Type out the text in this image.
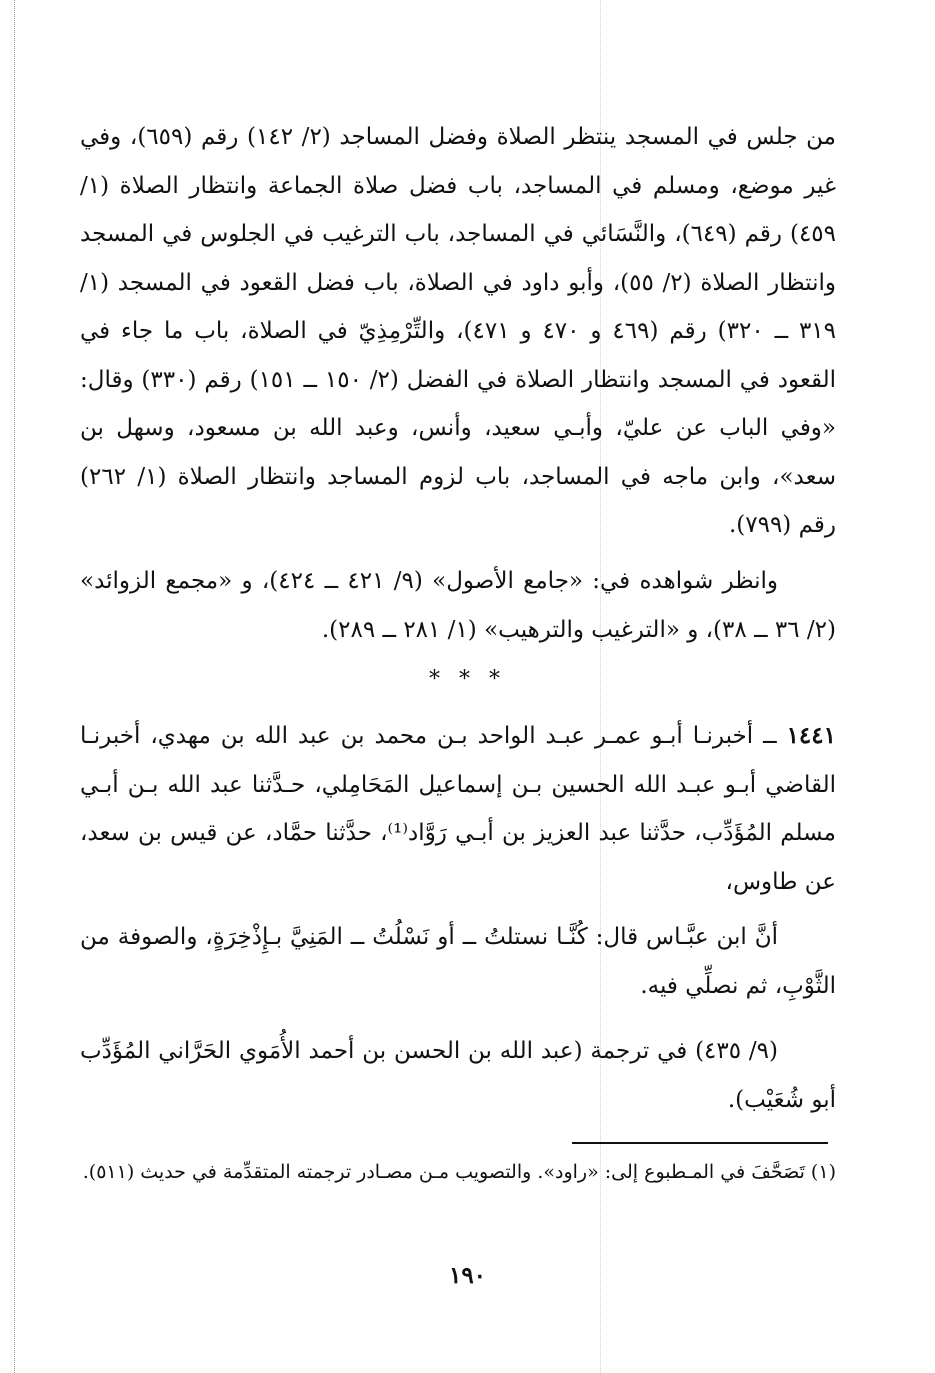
من جلس في المسجد ينتظر الصلاة وفضل المساجد (٢/ ١٤٢) رقم (٦٥٩)، وفي غير موضع، ومسلم في المساجد، باب فضل صلاة الجماعة وانتظار الصلاة (١/ ٤٥٩) رقم (٦٤٩)، والنَّسَائي في المساجد، باب الترغيب في الجلوس في المسجد وانتظار الصلاة (٢/ ٥٥)، وأبو داود في الصلاة، باب فضل القعود في المسجد (١/ ٣١٩ ــ ٣٢٠) رقم (٤٦٩ و ٤٧٠ و ٤٧١)، والتِّرْمِذِيّ في الصلاة، باب ما جاء في القعود في المسجد وانتظار الصلاة في الفضل (٢/ ١٥٠ ــ ١٥١) رقم (٣٣٠) وقال: «وفي الباب عن عليّ، وأبـي سعيد، وأنس، وعبد الله بن مسعود، وسهل بن سعد»، وابن ماجه في المساجد، باب لزوم المساجد وانتظار الصلاة (١/ ٢٦٢) رقم (٧٩٩).

وانظر شواهده في: «جامع الأصول» (٩/ ٤٢١ ــ ٤٢٤)، و «مجمع الزوائد» (٢/ ٣٦ ــ ٣٨)، و «الترغيب والترهيب» (١/ ٢٨١ ــ ٢٨٩).

* * *

١٤٤١ ــ أخبرنـا أبـو عمـر عبـد الواحد بـن محمد بن عبد الله بن مهدي، أخبرنـا القاضي أبـو عبـد الله الحسين بـن إسماعيل المَحَامِلي، حـدَّثنا عبد الله بـن أبـي مسلم المُؤَدِّب، حدَّثنا عبد العزيز بن أبـي رَوَّاد⁽¹⁾، حدَّثنا حمَّاد، عن قيس بن سعد، عن طاوس،

أنَّ ابن عبَّـاس قال: كُنَّـا نستلتُ ــ أو نَسْلُتُ ــ المَنِيَّ بـإِذْخِرَةٍ، والصوفة من الثَّوْبِ، ثم نصلِّي فيه.

(٩/ ٤٣٥) في ترجمة (عبد الله بن الحسن بن أحمد الأُمَوي الحَرَّاني المُؤَدِّب أبو شُعَيْب).

(١) تَصَحَّفَ في المـطبوع إلى: «راود». والتصويب مـن مصـادر ترجمته المتقدِّمة في حديث (٥١١).

١٩٠
